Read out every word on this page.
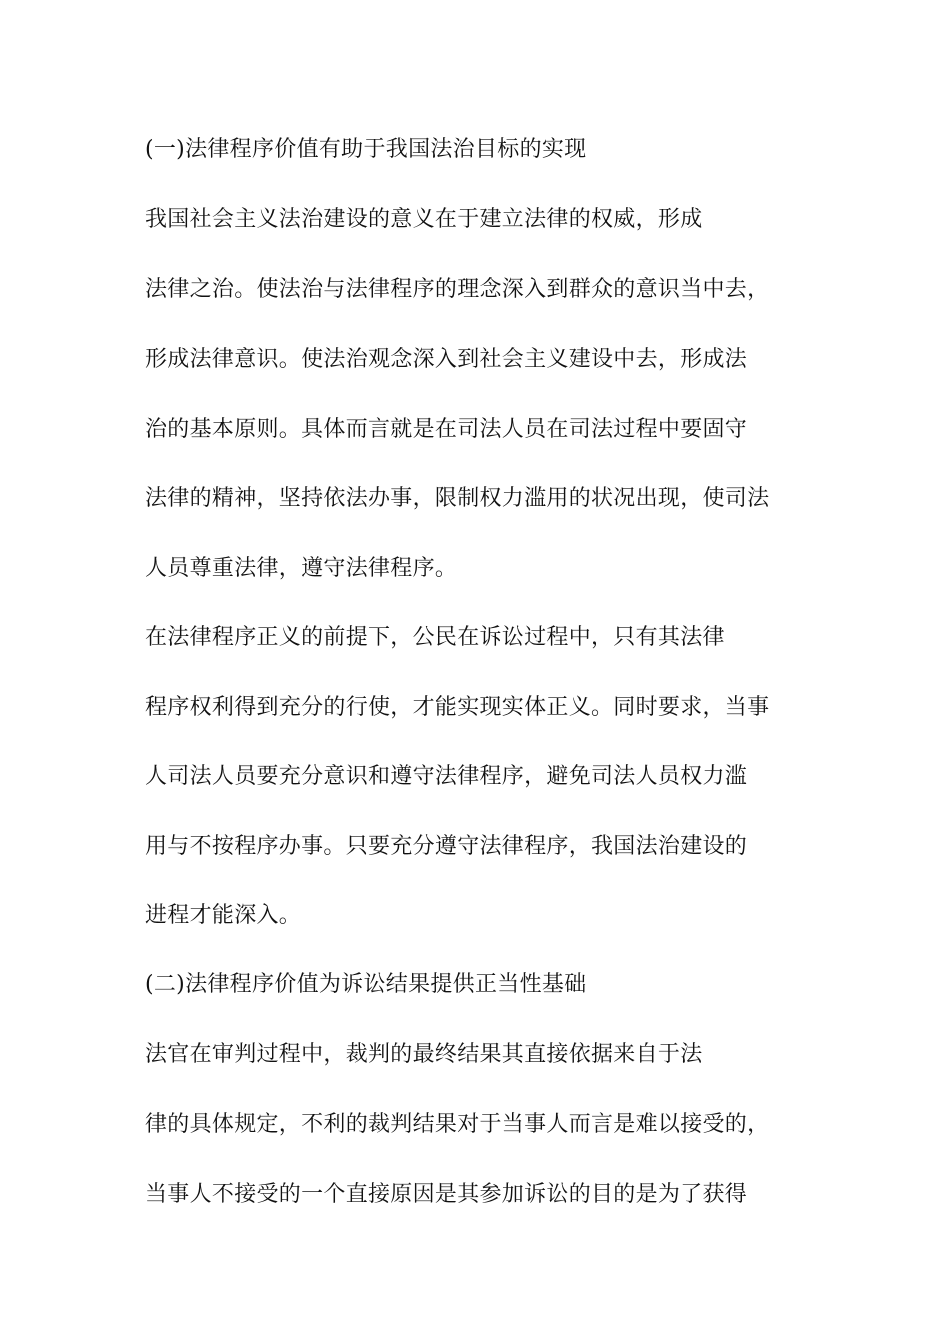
(一)法律程序价值有助于我国法治目标的实现
我国社会主义法治建设的意义在于建立法律的权威，形成
法律之治。使法治与法律程序的理念深入到群众的意识当中去，
形成法律意识。使法治观念深入到社会主义建设中去，形成法
治的基本原则。具体而言就是在司法人员在司法过程中要固守
法律的精神，坚持依法办事，限制权力滥用的状况出现，使司法
人员尊重法律，遵守法律程序。
在法律程序正义的前提下，公民在诉讼过程中，只有其法律
程序权利得到充分的行使，才能实现实体正义。同时要求，当事
人司法人员要充分意识和遵守法律程序，避免司法人员权力滥
用与不按程序办事。只要充分遵守法律程序，我国法治建设的
进程才能深入。
(二)法律程序价值为诉讼结果提供正当性基础
法官在审判过程中，裁判的最终结果其直接依据来自于法
律的具体规定，不利的裁判结果对于当事人而言是难以接受的，
当事人不接受的一个直接原因是其参加诉讼的目的是为了获得
